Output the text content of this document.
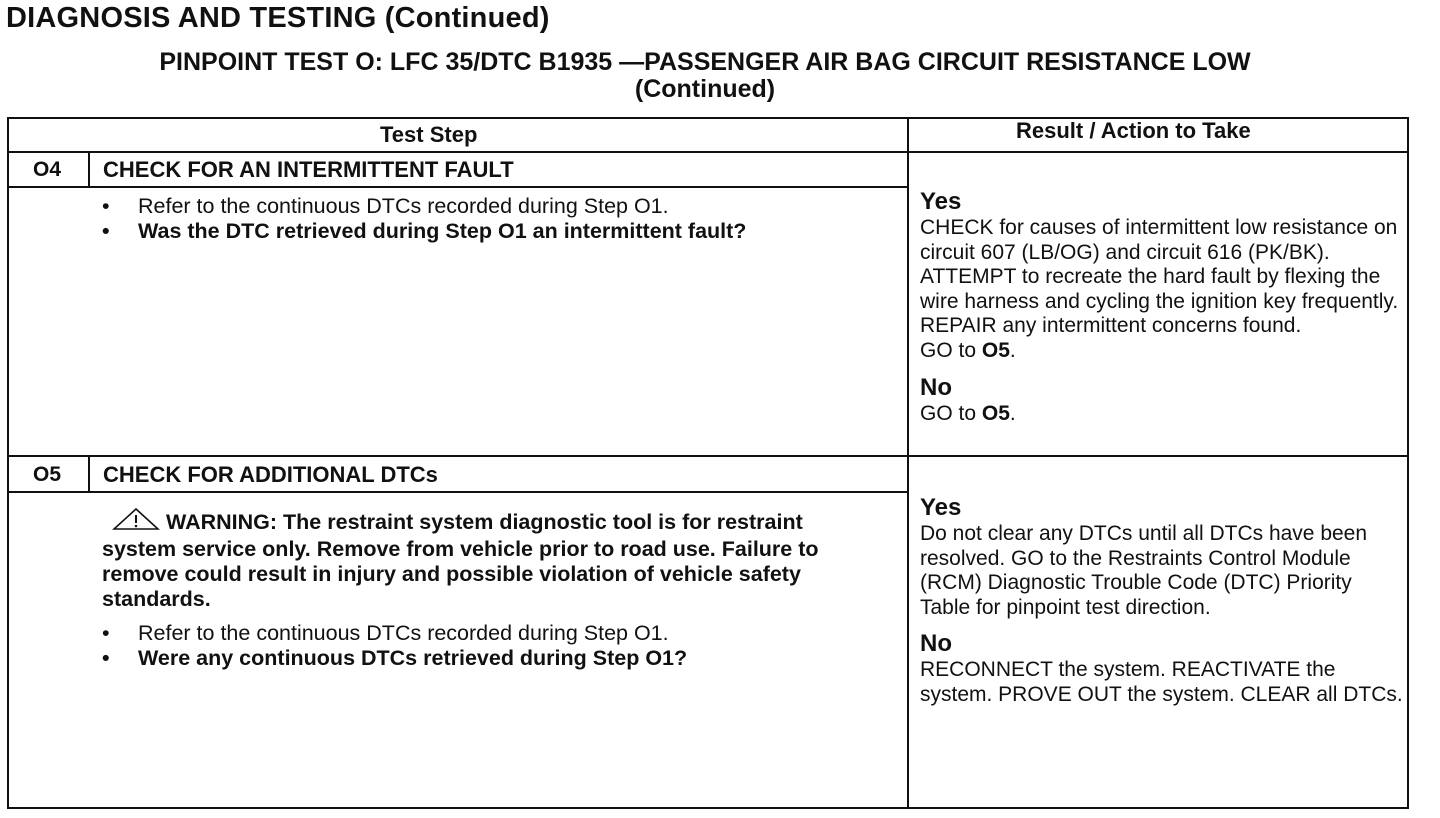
DIAGNOSIS AND TESTING (Continued)
PINPOINT TEST O: LFC 35/DTC B1935 —PASSENGER AIR BAG CIRCUIT RESISTANCE LOW
(Continued)
Test Step	Result / Action to Take
O4	CHECK FOR AN INTERMITTENT FAULT
• Refer to the continuous DTCs recorded during Step O1.
• Was the DTC retrieved during Step O1 an intermittent fault?
Yes
CHECK for causes of intermittent low resistance on circuit 607 (LB/OG) and circuit 616 (PK/BK). ATTEMPT to recreate the hard fault by flexing the wire harness and cycling the ignition key frequently. REPAIR any intermittent concerns found.
GO to O5.
No
GO to O5.
O5	CHECK FOR ADDITIONAL DTCs
WARNING: The restraint system diagnostic tool is for restraint system service only. Remove from vehicle prior to road use. Failure to remove could result in injury and possible violation of vehicle safety standards.
• Refer to the continuous DTCs recorded during Step O1.
• Were any continuous DTCs retrieved during Step O1?
Yes
Do not clear any DTCs until all DTCs have been resolved. GO to the Restraints Control Module (RCM) Diagnostic Trouble Code (DTC) Priority Table for pinpoint test direction.
No
RECONNECT the system. REACTIVATE the system. PROVE OUT the system. CLEAR all DTCs.
